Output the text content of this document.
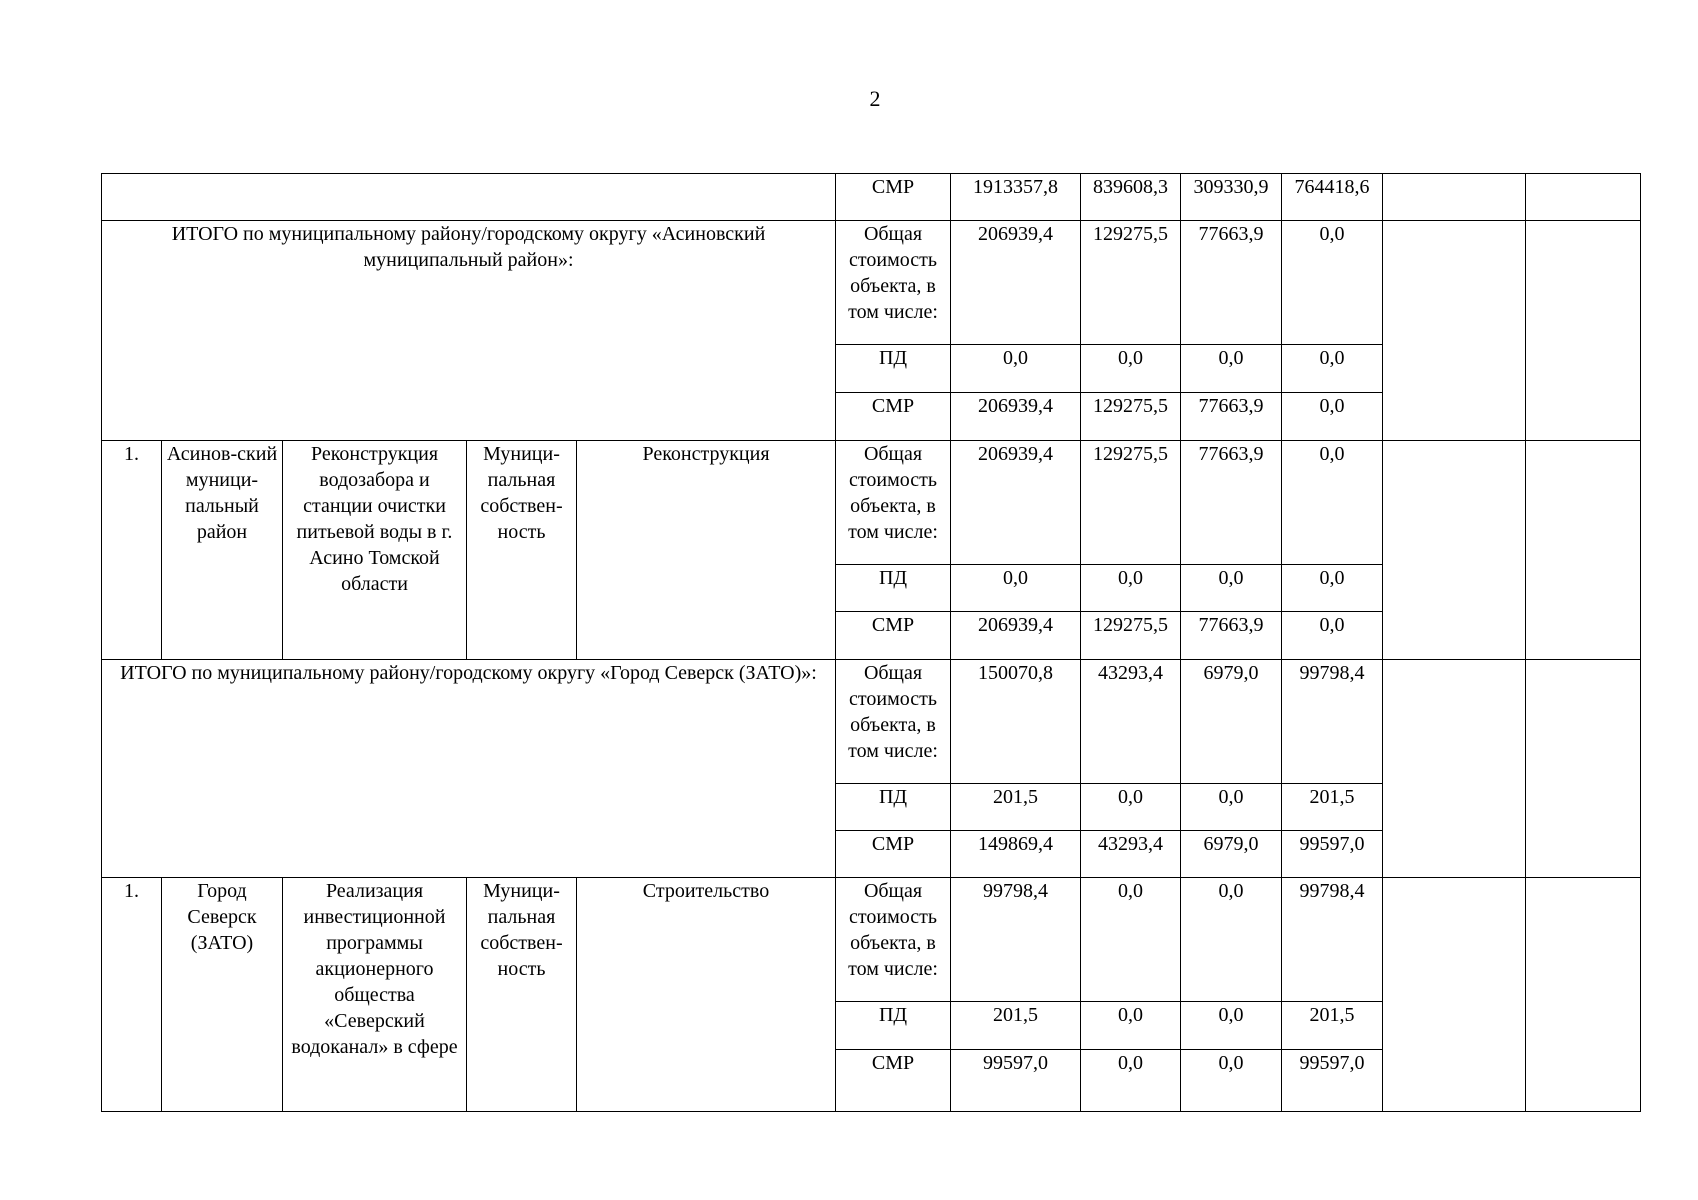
2
					СМР	1913357,8	839608,3	309330,9	764418,6		
ИТОГО по муниципальному району/городскому округу «Асиновский муниципальный район»:					Общая стоимость объекта, в том числе:	206939,4	129275,5	77663,9	0,0		
					ПД	0,0	0,0	0,0	0,0		
					СМР	206939,4	129275,5	77663,9	0,0		
1.	Асинов-ский муници-пальный район	Реконструкция водозабора и станции очистки питьевой воды в г. Асино Томской области	Муници-пальная собствен-ность	Реконструкция	Общая стоимость объекта, в том числе:	206939,4	129275,5	77663,9	0,0		
					ПД	0,0	0,0	0,0	0,0		
					СМР	206939,4	129275,5	77663,9	0,0		
ИТОГО по муниципальному району/городскому округу «Город Северск (ЗАТО)»:					Общая стоимость объекта, в том числе:	150070,8	43293,4	6979,0	99798,4		
					ПД	201,5	0,0	0,0	201,5		
					СМР	149869,4	43293,4	6979,0	99597,0		
1.	Город Северск (ЗАТО)	Реализация инвестиционной программы акционерного общества «Северский водоканал» в сфере	Муници-пальная собствен-ность	Строительство	Общая стоимость объекта, в том числе:	99798,4	0,0	0,0	99798,4		
					ПД	201,5	0,0	0,0	201,5		
					СМР	99597,0	0,0	0,0	99597,0		
